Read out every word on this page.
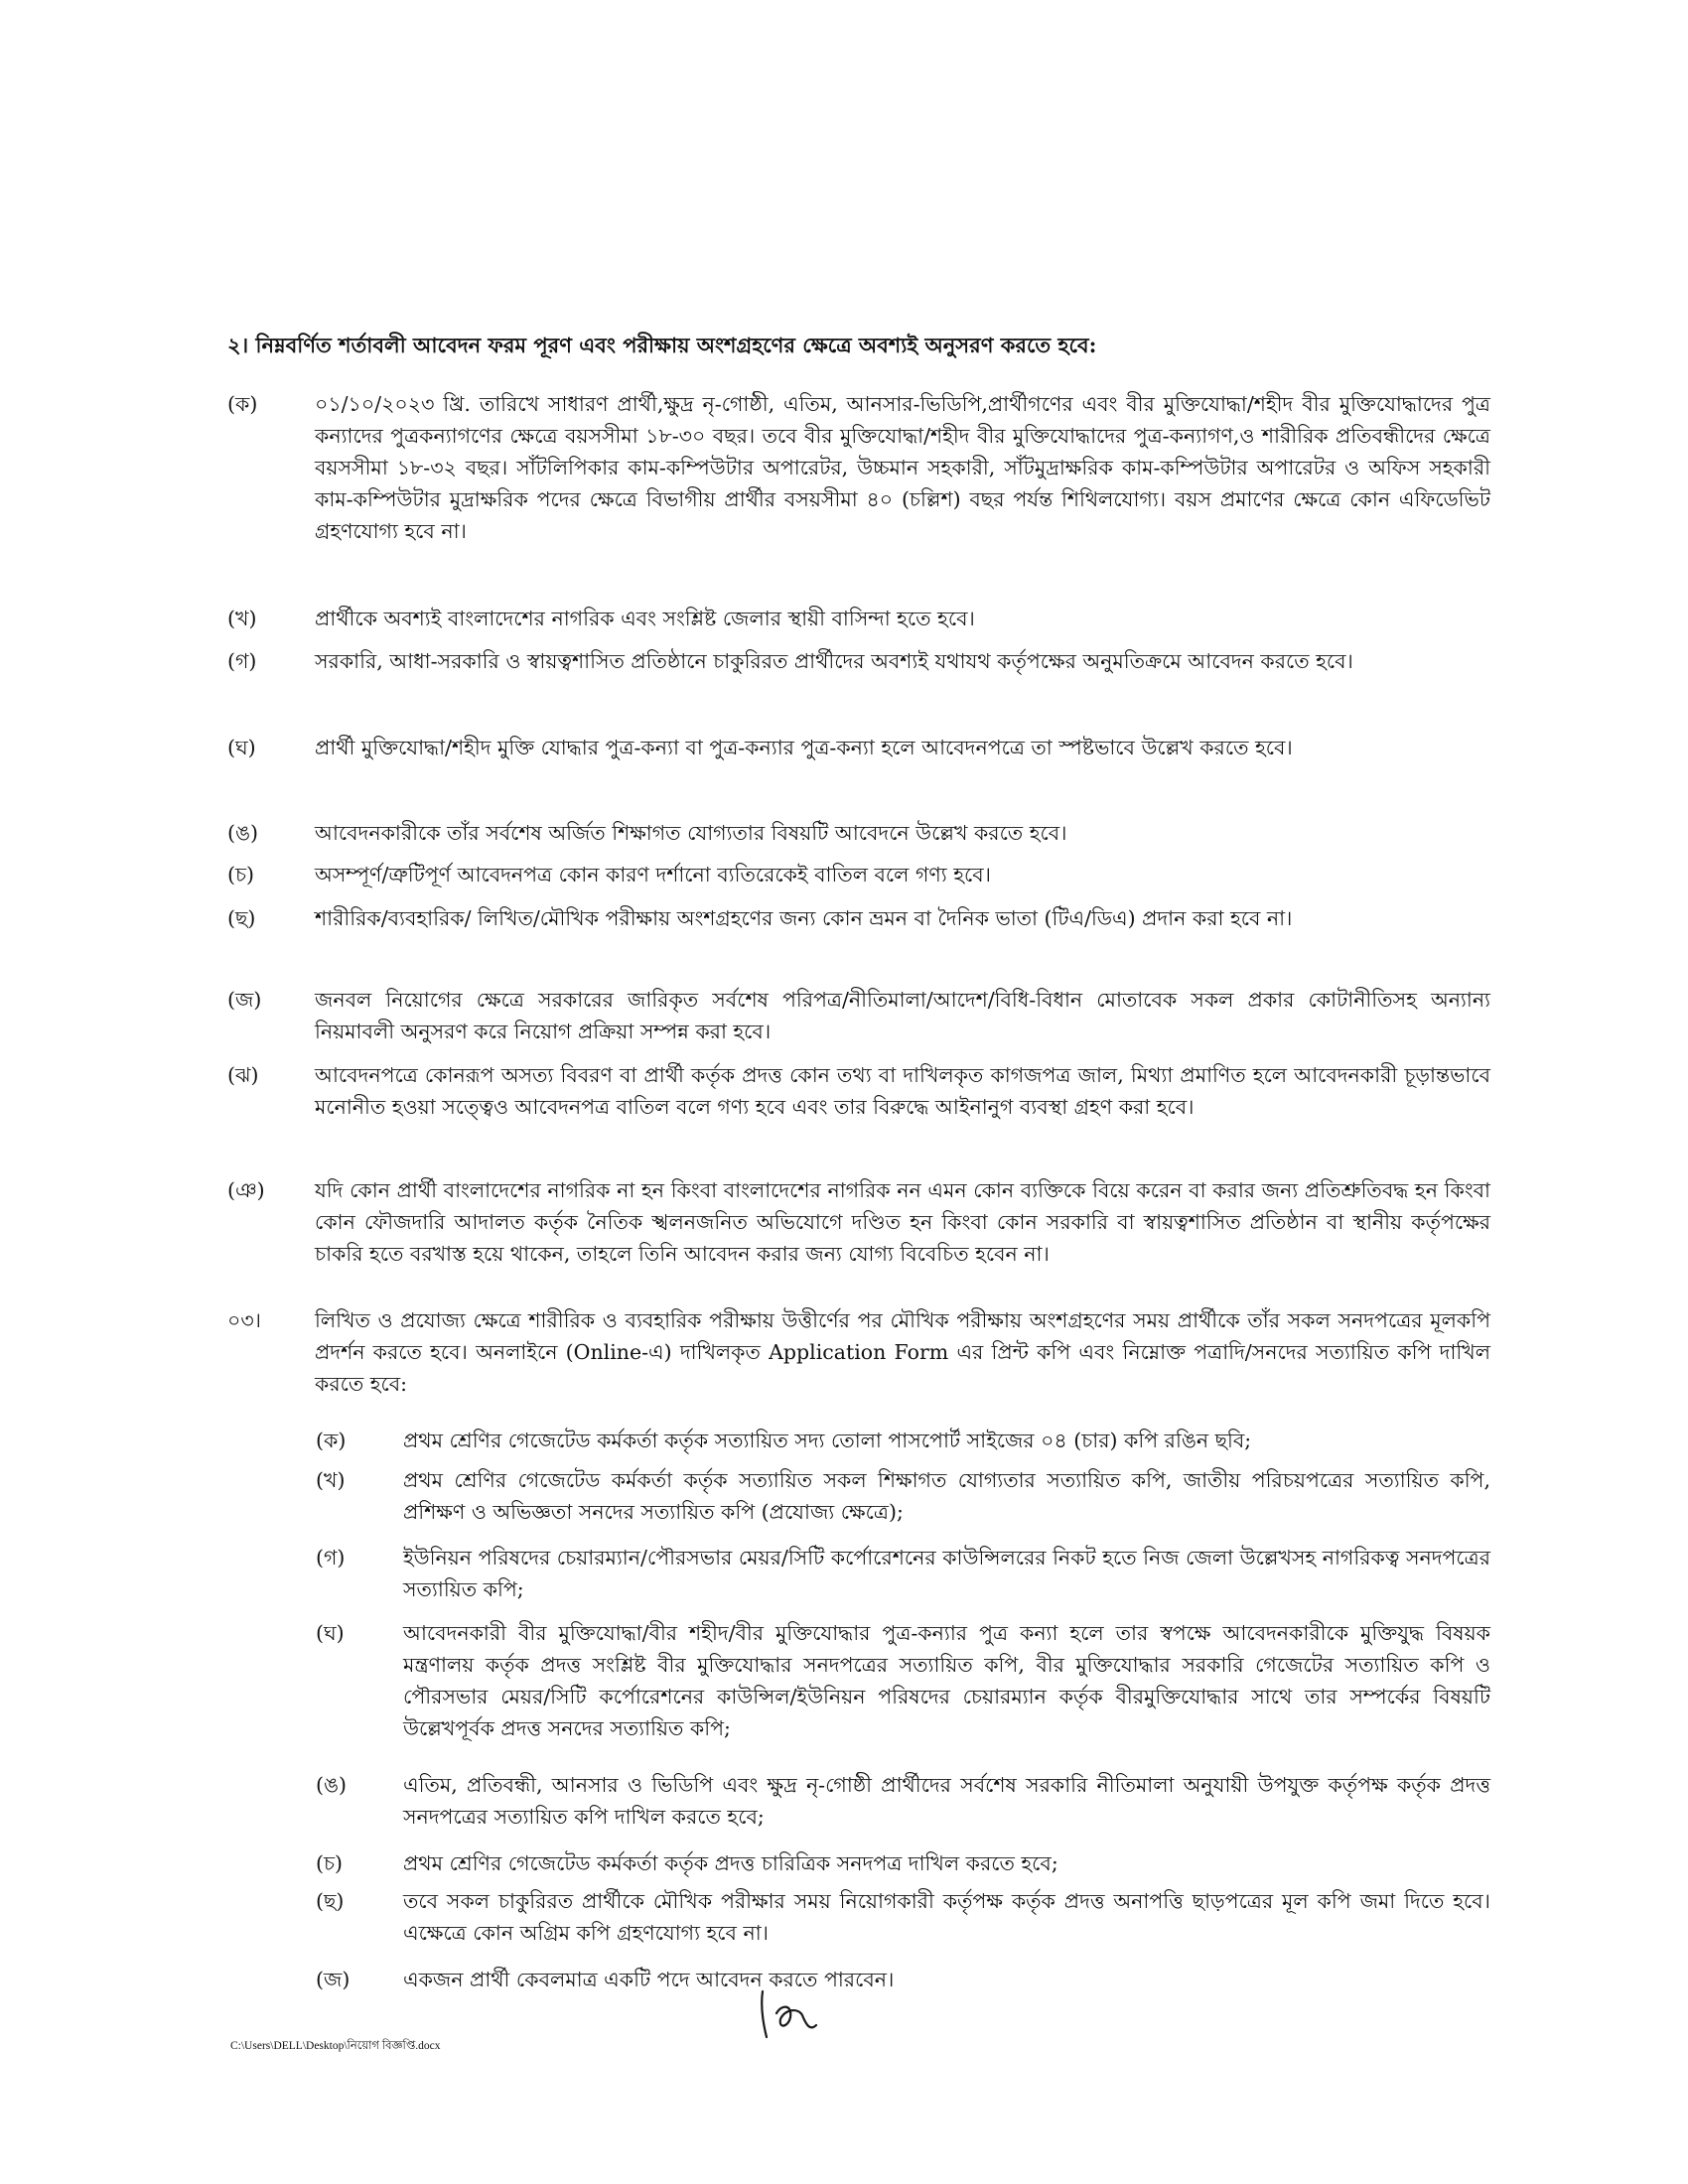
২। নিম্নবর্ণিত শর্তাবলী আবেদন ফরম পূরণ এবং পরীক্ষায় অংশগ্রহণের ক্ষেত্রে অবশ্যই অনুসরণ করতে হবে:
(ক)	০১/১০/২০২৩ খ্রি. তারিখে সাধারণ প্রার্থী,ক্ষুদ্র নৃ-গোষ্ঠী, এতিম, আনসার-ভিডিপি,প্রার্থীগণের এবং বীর মুক্তিযোদ্ধা/শহীদ বীর মুক্তিযোদ্ধাদের পুত্র কন্যাদের পুত্রকন্যাগণের ক্ষেত্রে বয়সসীমা ১৮-৩০ বছর। তবে বীর মুক্তিযোদ্ধা/শহীদ বীর মুক্তিযোদ্ধাদের পুত্র-কন্যাগণ,ও শারীরিক প্রতিবন্ধীদের ক্ষেত্রে বয়সসীমা ১৮-৩২ বছর। সাঁটলিপিকার কাম-কম্পিউটার অপারেটর, উচ্চমান সহকারী, সাঁটমুদ্রাক্ষরিক কাম-কম্পিউটার অপারেটর ও অফিস সহকারী কাম-কম্পিউটার মুদ্রাক্ষরিক পদের ক্ষেত্রে বিভাগীয় প্রার্থীর বসয়সীমা ৪০ (চল্লিশ) বছর পর্যন্ত শিথিলযোগ্য। বয়স প্রমাণের ক্ষেত্রে কোন এফিডেভিট গ্রহণযোগ্য হবে না।
(খ)	প্রার্থীকে অবশ্যই বাংলাদেশের নাগরিক এবং সংশ্লিষ্ট জেলার স্থায়ী বাসিন্দা হতে হবে।
(গ)	সরকারি, আধা-সরকারি ও স্বায়ত্বশাসিত প্রতিষ্ঠানে চাকুরিরত প্রার্থীদের অবশ্যই যথাযথ কর্তৃপক্ষের অনুমতিক্রমে আবেদন করতে হবে।
(ঘ)	প্রার্থী মুক্তিযোদ্ধা/শহীদ মুক্তি যোদ্ধার পুত্র-কন্যা বা পুত্র-কন্যার পুত্র-কন্যা হলে আবেদনপত্রে তা স্পষ্টভাবে উল্লেখ করতে হবে।
(ঙ)	আবেদনকারীকে তাঁর সর্বশেষ অর্জিত শিক্ষাগত যোগ্যতার বিষয়টি আবেদনে উল্লেখ করতে হবে।
(চ)	অসম্পূর্ণ/ত্রুটিপূর্ণ আবেদনপত্র কোন কারণ দর্শানো ব্যতিরেকেই বাতিল বলে গণ্য হবে।
(ছ)	শারীরিক/ব্যবহারিক/ লিখিত/মৌখিক পরীক্ষায় অংশগ্রহণের জন্য কোন ভ্রমন বা দৈনিক ভাতা (টিএ/ডিএ) প্রদান করা হবে না।
(জ)	জনবল নিয়োগের ক্ষেত্রে সরকারের জারিকৃত সর্বশেষ পরিপত্র/নীতিমালা/আদেশ/বিধি-বিধান মোতাবেক সকল প্রকার কোটানীতিসহ অন্যান্য নিয়মাবলী অনুসরণ করে নিয়োগ প্রক্রিয়া সম্পন্ন করা হবে।
(ঝ)	আবেদনপত্রে কোনরূপ অসত্য বিবরণ বা প্রার্থী কর্তৃক প্রদত্ত কোন তথ্য বা দাখিলকৃত কাগজপত্র জাল, মিথ্যা প্রমাণিত হলে আবেদনকারী চূড়ান্তভাবে মনোনীত হওয়া সত্ত্বেও আবেদনপত্র বাতিল বলে গণ্য হবে এবং তার বিরুদ্ধে আইনানুগ ব্যবস্থা গ্রহণ করা হবে।
(ঞ) যদি কোন প্রার্থী বাংলাদেশের নাগরিক না হন কিংবা বাংলাদেশের নাগরিক নন এমন কোন ব্যক্তিকে বিয়ে করেন বা করার জন্য প্রতিশ্রুতিবদ্ধ হন কিংবা কোন ফৌজদারি আদালত কর্তৃক নৈতিক স্খলনজনিত অভিযোগে দণ্ডিত হন কিংবা কোন সরকারি বা স্বায়ত্বশাসিত প্রতিষ্ঠান বা স্থানীয় কর্তৃপক্ষের চাকরি হতে বরখাস্ত হয়ে থাকেন, তাহলে তিনি আবেদন করার জন্য যোগ্য বিবেচিত হবেন না।
০৩।	লিখিত ও প্রযোজ্য ক্ষেত্রে শারীরিক ও ব্যবহারিক পরীক্ষায় উত্তীর্ণের পর মৌখিক পরীক্ষায় অংশগ্রহণের সময় প্রার্থীকে তাঁর সকল সনদপত্রের মূলকপি প্রদর্শন করতে হবে। অনলাইনে (Online-এ) দাখিলকৃত Application Form এর প্রিন্ট কপি এবং নিম্নোক্ত পত্রাদি/সনদের সত্যায়িত কপি দাখিল করতে হবে:
(ক)	প্রথম শ্রেণির গেজেটেড কর্মকর্তা কর্তৃক সত্যায়িত সদ্য তোলা পাসপোর্ট সাইজের ০৪ (চার) কপি রঙিন ছবি;
(খ)	প্রথম শ্রেণির গেজেটেড কর্মকর্তা কর্তৃক সত্যায়িত সকল শিক্ষাগত যোগ্যতার সত্যায়িত কপি, জাতীয় পরিচয়পত্রের সত্যায়িত কপি, প্রশিক্ষণ ও অভিজ্ঞতা সনদের সত্যায়িত কপি (প্রযোজ্য ক্ষেত্রে);
(গ)	ইউনিয়ন পরিষদের চেয়ারম্যান/পৌরসভার মেয়র/সিটি কর্পোরেশনের কাউন্সিলরের নিকট হতে নিজ জেলা উল্লেখসহ নাগরিকত্ব সনদপত্রের সত্যায়িত কপি;
(ঘ)	আবেদনকারী বীর মুক্তিযোদ্ধা/বীর শহীদ/বীর মুক্তিযোদ্ধার পুত্র-কন্যার পুত্র কন্যা হলে তার স্বপক্ষে আবেদনকারীকে মুক্তিযুদ্ধ বিষয়ক মন্ত্রণালয় কর্তৃক প্রদত্ত সংশ্লিষ্ট বীর মুক্তিযোদ্ধার সনদপত্রের সত্যায়িত কপি, বীর মুক্তিযোদ্ধার সরকারি গেজেটের সত্যায়িত কপি ও পৌরসভার মেয়র/সিটি কর্পোরেশনের কাউন্সিল/ইউনিয়ন পরিষদের চেয়ারম্যান কর্তৃক বীরমুক্তিযোদ্ধার সাথে তার সম্পর্কের বিষয়টি উল্লেখপূর্বক প্রদত্ত সনদের সত্যায়িত কপি;
(ঙ)	এতিম, প্রতিবন্ধী, আনসার ও ভিডিপি এবং ক্ষুদ্র নৃ-গোষ্ঠী প্রার্থীদের সর্বশেষ সরকারি নীতিমালা অনুযায়ী উপযুক্ত কর্তৃপক্ষ কর্তৃক প্রদত্ত সনদপত্রের সত্যায়িত কপি দাখিল করতে হবে;
(চ)	প্রথম শ্রেণির গেজেটেড কর্মকর্তা কর্তৃক প্রদত্ত চারিত্রিক সনদপত্র দাখিল করতে হবে;
(ছ)	তবে সকল চাকুরিরত প্রার্থীকে মৌখিক পরীক্ষার সময় নিয়োগকারী কর্তৃপক্ষ কর্তৃক প্রদত্ত অনাপত্তি ছাড়পত্রের মূল কপি জমা দিতে হবে। এক্ষেত্রে কোন অগ্রিম কপি গ্রহণযোগ্য হবে না।
(জ)	একজন প্রার্থী কেবলমাত্র একটি পদে আবেদন করতে পারবেন।
C:\Users\DELL\Desktop\নিয়োগ বিজ্ঞপ্তি.docx
